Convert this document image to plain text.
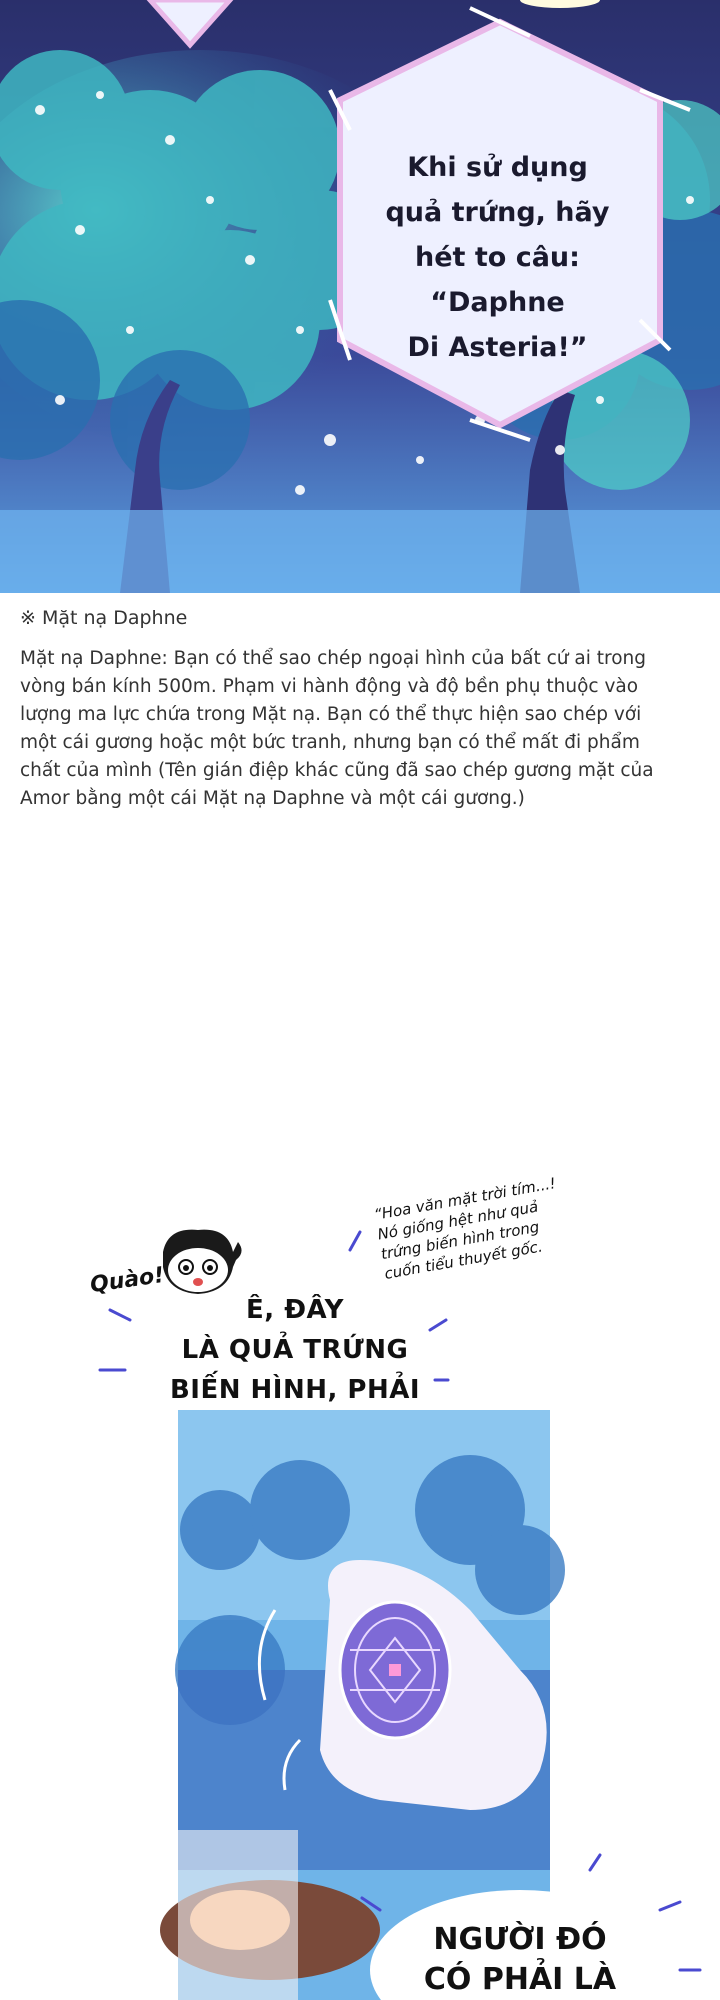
Khi sử dụng
quả trứng, hãy
hét to câu: “Daphne
Di Asteria!”
※ Mặt nạ Daphne
Mặt nạ Daphne: Bạn có thể sao chép ngoại hình của bất cứ ai trong vòng bán kính 500m. Phạm vi hành động và độ bền phụ thuộc vào lượng ma lực chứa trong Mặt nạ. Bạn có thể thực hiện sao chép với một cái gương hoặc một bức tranh, nhưng bạn có thể mất đi phẩm chất của mình (Tên gián điệp khác cũng đã sao chép gương mặt của Amor bằng một cái Mặt nạ Daphne và một cái gương.)
Quào!
“Hoa văn mặt trời tím...! Nó giống hệt như quả trứng biến hình trong cuốn tiểu thuyết gốc.
Ê, ĐÂY
LÀ QUẢ TRỨNG
BIẾN HÌNH, PHẢI
NGƯỜI ĐÓ
CÓ PHẢI LÀ
